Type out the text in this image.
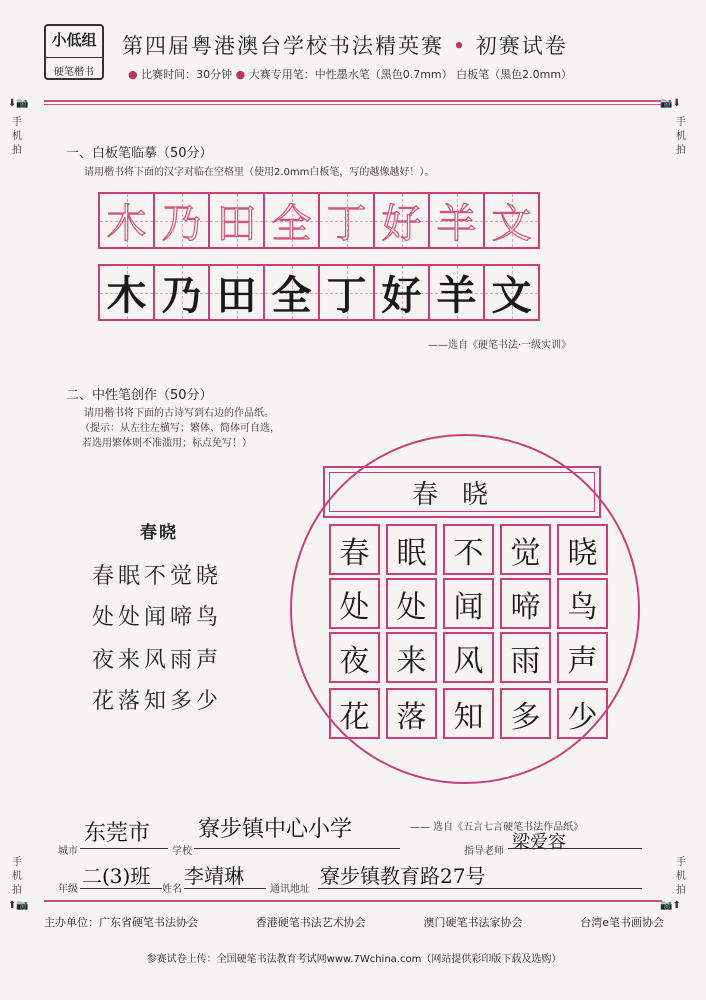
小低组
硬笔楷书
第四届粤港澳台学校书法精英赛 • 初赛试卷
● 比赛时间：30分钟 ● 大赛专用笔：中性墨水笔（黑色0.7mm） 白板笔（黑色2.0mm）
⬇📷
手
机
拍
📷⬇
手
机
拍
手
机
拍
⬆📷
手
机
拍
📷⬆
一、白板笔临摹（50分）
请用楷书将下面的汉字对临在空格里（使用2.0mm白板笔，写的越像越好！）。
木 乃 田 全 丁 好 羊 文
木 乃 田 全 丁 好 羊 文
——选自《硬笔书法·一级实训》
二、中性笔创作（50分）
请用楷书将下面的古诗写到右边的作品纸。
（提示：从左往左横写；繁体、简体可自选，
若选用繁体则不准滥用；标点免写！）
春晓
春眠不觉晓
处处闻啼鸟
夜来风雨声
花落知多少
春晓
春 眠 不 觉 晓
处 处 闻 啼 鸟
夜 来 风 雨 声
花 落 知 多 少
—— 选自《五言七言硬笔书法作品纸》
城市
东莞市
学校
寮步镇中心小学
指导老师 梁爱容
年级
二(3)班
姓名
李靖琳
通讯地址
寮步镇教育路27号
主办单位：广东省硬笔书法协会	香港硬笔书法艺术协会	澳门硬笔书法家协会	台湾e笔书画协会
参赛试卷上传：全国硬笔书法教育考试网www.7Wchina.com（网站提供彩印版下载及选购）
